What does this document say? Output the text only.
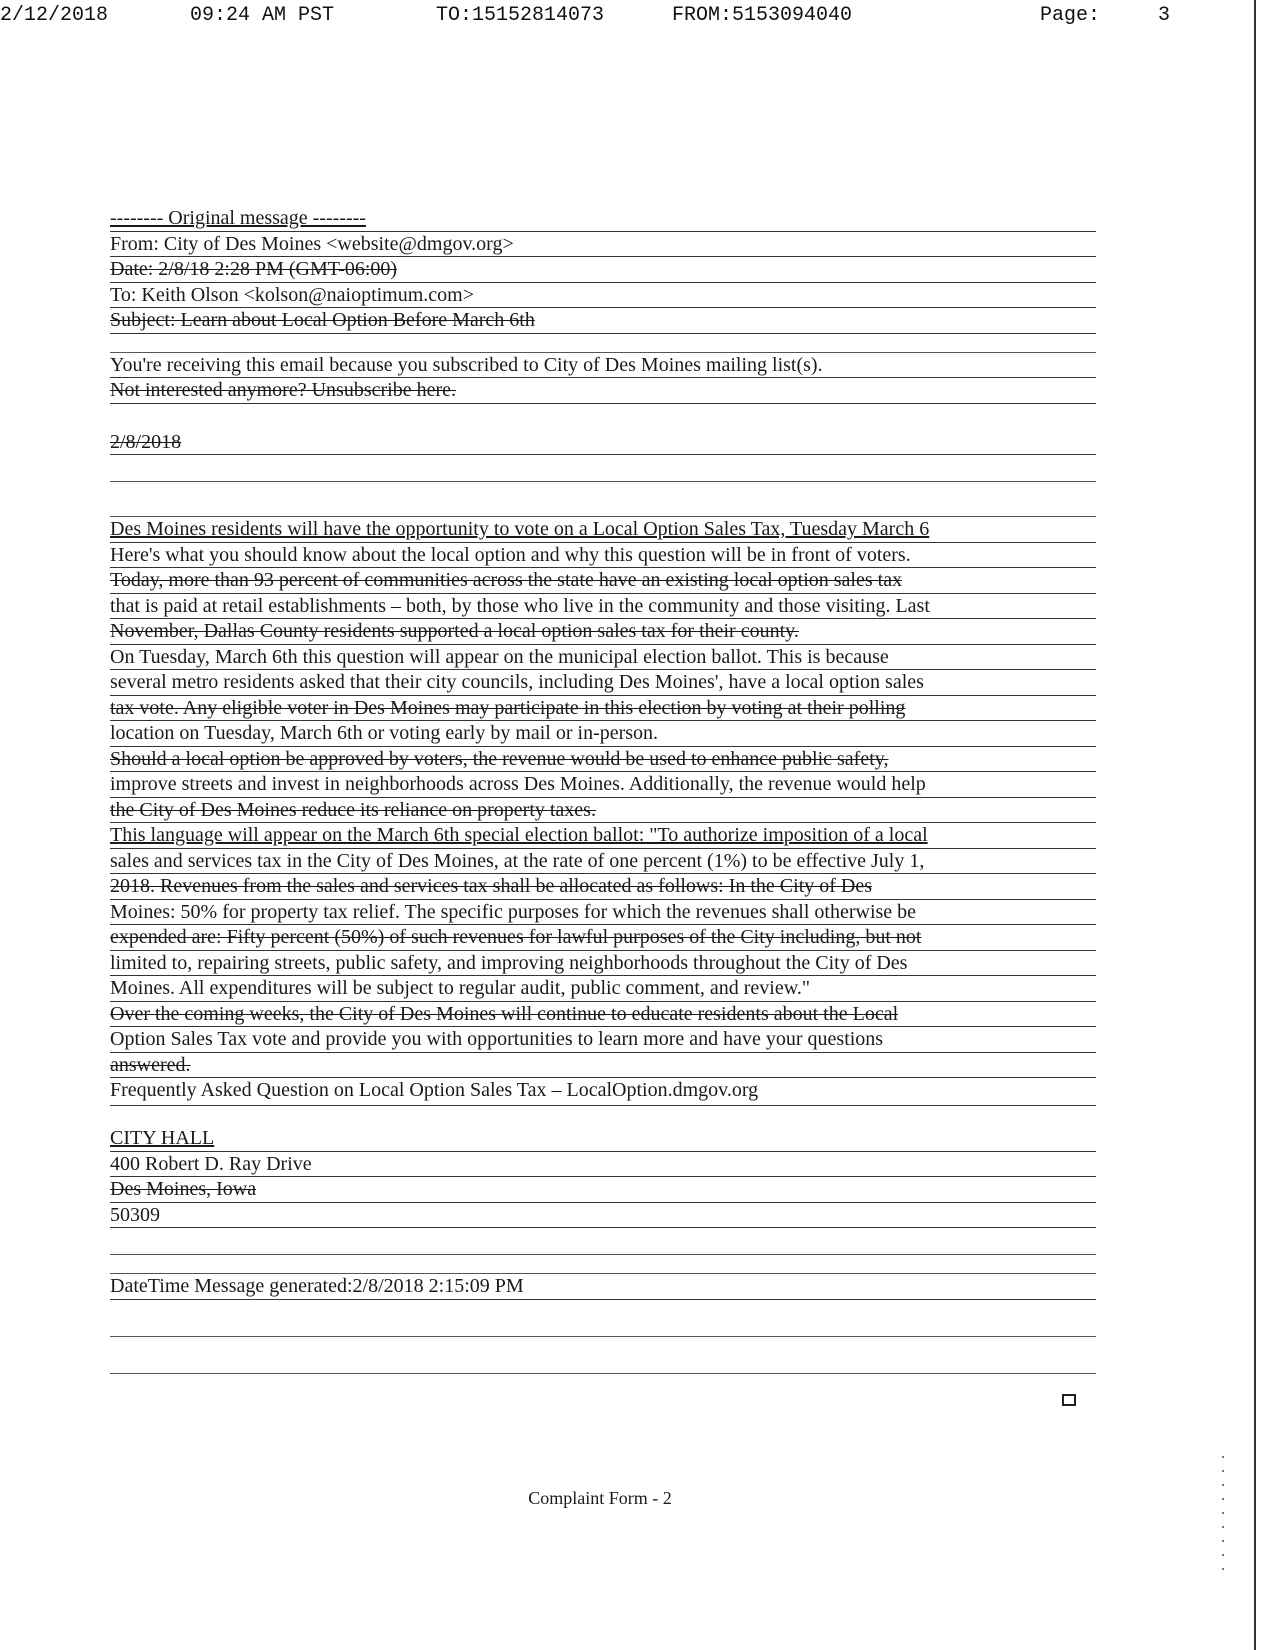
2/12/2018

	09:24 AM PST

	TO:15152814073

	FROM:5153094040

	Page:

	3

-------- Original message --------
From: City of Des Moines <website@dmgov.org>
Date: 2/8/18 2:28 PM (GMT-06:00)
To: Keith Olson <kolson@naioptimum.com>
Subject: Learn about Local Option Before March 6th
You're receiving this email because you subscribed to City of Des Moines mailing list(s).
Not interested anymore? Unsubscribe here.
2/8/2018
Des Moines residents will have the opportunity to vote on a Local Option Sales Tax, Tuesday March 6
Here's what you should know about the local option and why this question will be in front of voters.
Today, more than 93 percent of communities across the state have an existing local option sales tax
that is paid at retail establishments – both, by those who live in the community and those visiting. Last
November, Dallas County residents supported a local option sales tax for their county.
On Tuesday, March 6th this question will appear on the municipal election ballot. This is because
several metro residents asked that their city councils, including Des Moines', have a local option sales
tax vote. Any eligible voter in Des Moines may participate in this election by voting at their polling
location on Tuesday, March 6th or voting early by mail or in-person.
Should a local option be approved by voters, the revenue would be used to enhance public safety,
improve streets and invest in neighborhoods across Des Moines. Additionally, the revenue would help
the City of Des Moines reduce its reliance on property taxes.
This language will appear on the March 6th special election ballot: "To authorize imposition of a local
sales and services tax in the City of Des Moines, at the rate of one percent (1%) to be effective July 1,
2018. Revenues from the sales and services tax shall be allocated as follows: In the City of Des
Moines: 50% for property tax relief. The specific purposes for which the revenues shall otherwise be
expended are: Fifty percent (50%) of such revenues for lawful purposes of the City including, but not
limited to, repairing streets, public safety, and improving neighborhoods throughout the City of Des
Moines. All expenditures will be subject to regular audit, public comment, and review."
Over the coming weeks, the City of Des Moines will continue to educate residents about the Local
Option Sales Tax vote and provide you with opportunities to learn more and have your questions
answered.
Frequently Asked Question on Local Option Sales Tax – LocalOption.dmgov.org
CITY HALL
400 Robert D. Ray Drive
Des Moines, Iowa
50309
DateTime Message generated:2/8/2018 2:15:09 PM
Complaint Form - 2
